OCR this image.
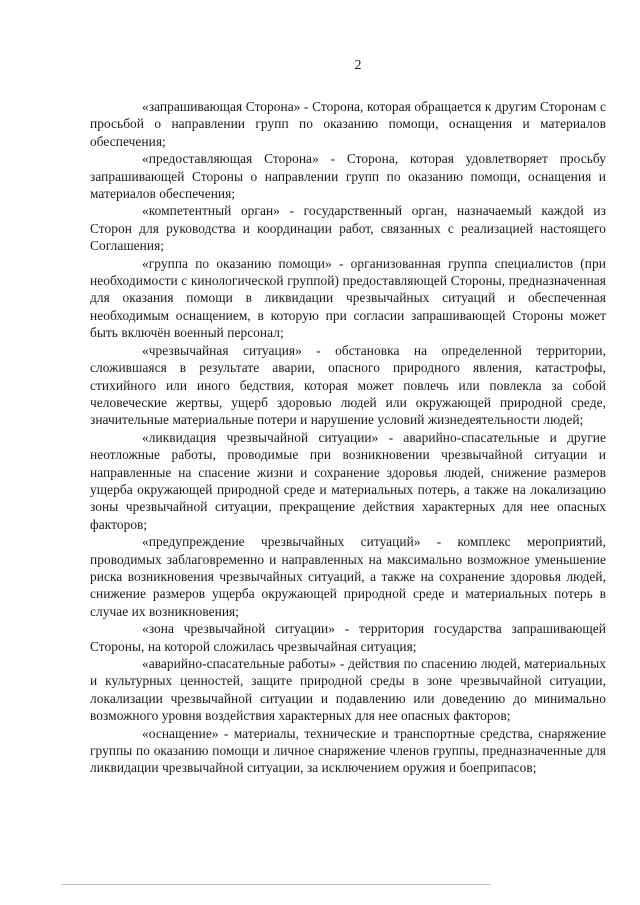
2

«запрашивающая Сторона» - Сторона, которая обращается к другим Сторонам с просьбой о направлении групп по оказанию помощи, оснащения и материалов обеспечения;

«предоставляющая Сторона» - Сторона, которая удовлетворяет просьбу запрашивающей Стороны о направлении групп по оказанию помощи, оснащения и материалов обеспечения;

«компетентный орган» - государственный орган, назначаемый каждой из Сторон для руководства и координации работ, связанных с реализацией настоящего Соглашения;

«группа по оказанию помощи» - организованная группа специалистов (при необходимости с кинологической группой) предоставляющей Стороны, предназначенная для оказания помощи в ликвидации чрезвычайных ситуаций и обеспеченная необходимым оснащением, в которую при согласии запрашивающей Стороны может быть включён военный персонал;

«чрезвычайная ситуация» - обстановка на определенной территории, сложившаяся в результате аварии, опасного природного явления, катастрофы, стихийного или иного бедствия, которая может повлечь или повлекла за собой человеческие жертвы, ущерб здоровью людей или окружающей природной среде, значительные материальные потери и нарушение условий жизнедеятельности людей;

«ликвидация чрезвычайной ситуации» - аварийно-спасательные и другие неотложные работы, проводимые при возникновении чрезвычайной ситуации и направленные на спасение жизни и сохранение здоровья людей, снижение размеров ущерба окружающей природной среде и материальных потерь, а также на локализацию зоны чрезвычайной ситуации, прекращение действия характерных для нее опасных факторов;

«предупреждение чрезвычайных ситуаций» - комплекс мероприятий, проводимых заблаговременно и направленных на максимально возможное уменьшение риска возникновения чрезвычайных ситуаций, а также на сохранение здоровья людей, снижение размеров ущерба окружающей природной среде и материальных потерь в случае их возникновения;

«зона чрезвычайной ситуации» - территория государства запрашивающей Стороны, на которой сложилась чрезвычайная ситуация;

«аварийно-спасательные работы» - действия по спасению людей, материальных и культурных ценностей, защите природной среды в зоне чрезвычайной ситуации, локализации чрезвычайной ситуации и подавлению или доведению до минимально возможного уровня воздействия характерных для нее опасных факторов;

«оснащение» - материалы, технические и транспортные средства, снаряжение группы по оказанию помощи и личное снаряжение членов группы, предназначенные для ликвидации чрезвычайной ситуации, за исключением оружия и боеприпасов;
